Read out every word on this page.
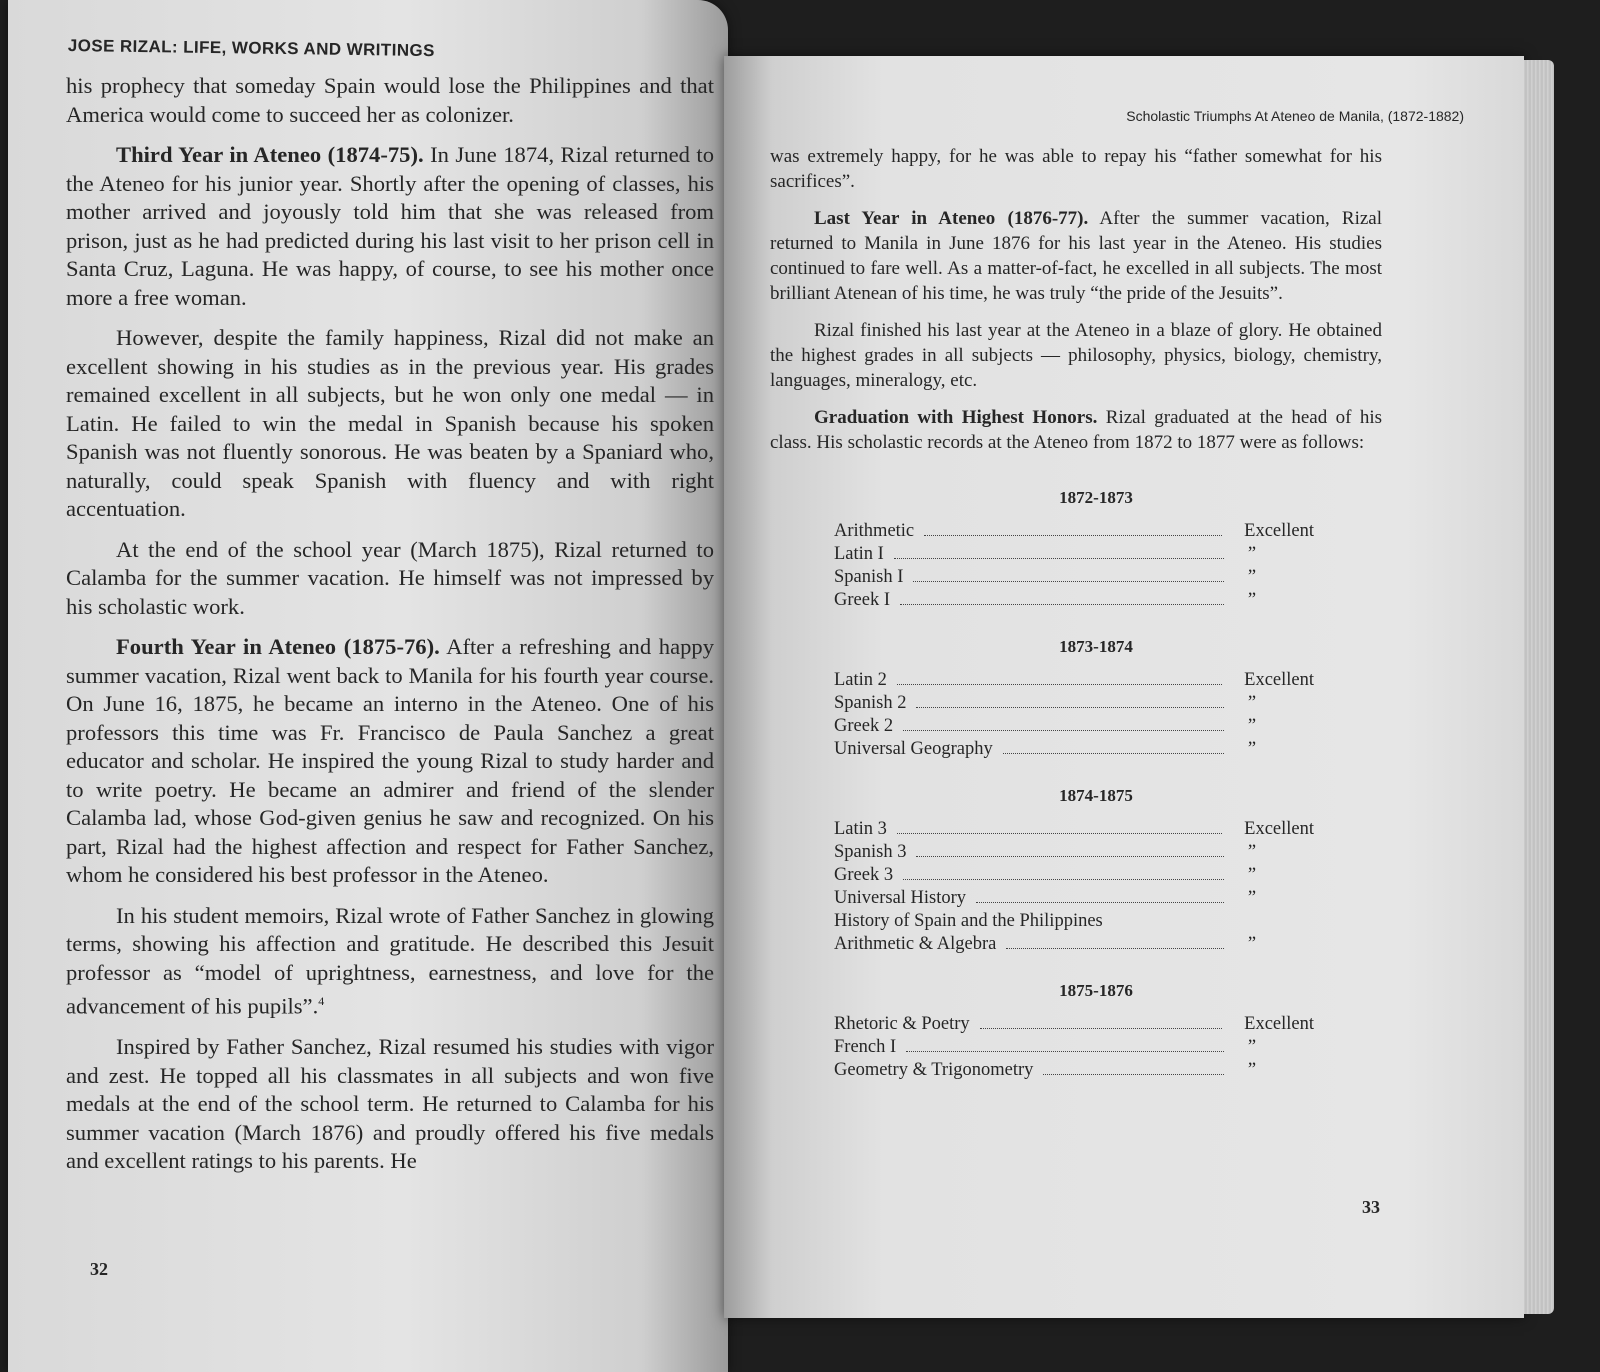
JOSE RIZAL: LIFE, WORKS AND WRITINGS

his prophecy that someday Spain would lose the Philippines and that America would come to succeed her as colonizer.

Third Year in Ateneo (1874-75). In June 1874, Rizal returned to the Ateneo for his junior year. Shortly after the opening of classes, his mother arrived and joyously told him that she was released from prison, just as he had predicted during his last visit to her prison cell in Santa Cruz, Laguna. He was happy, of course, to see his mother once more a free woman.

However, despite the family happiness, Rizal did not make an excellent showing in his studies as in the previous year. His grades remained excellent in all subjects, but he won only one medal — in Latin. He failed to win the medal in Spanish because his spoken Spanish was not fluently sonorous. He was beaten by a Spaniard who, naturally, could speak Spanish with fluency and with right accentuation.

At the end of the school year (March 1875), Rizal returned to Calamba for the summer vacation. He himself was not impressed by his scholastic work.

Fourth Year in Ateneo (1875-76). After a refreshing and happy summer vacation, Rizal went back to Manila for his fourth year course. On June 16, 1875, he became an interno in the Ateneo. One of his professors this time was Fr. Francisco de Paula Sanchez a great educator and scholar. He inspired the young Rizal to study harder and to write poetry. He became an admirer and friend of the slender Calamba lad, whose God-given genius he saw and recognized. On his part, Rizal had the highest affection and respect for Father Sanchez, whom he considered his best professor in the Ateneo.

In his student memoirs, Rizal wrote of Father Sanchez in glowing terms, showing his affection and gratitude. He described this Jesuit professor as “model of uprightness, earnestness, and love for the advancement of his pupils”.$^4$

Inspired by Father Sanchez, Rizal resumed his studies with vigor and zest. He topped all his classmates in all subjects and won five medals at the end of the school term. He returned to Calamba for his summer vacation (March 1876) and proudly offered his five medals and excellent ratings to his parents. He

32
Scholastic Triumphs At Ateneo de Manila, (1872-1882)

was extremely happy, for he was able to repay his “father somewhat for his sacrifices”.

Last Year in Ateneo (1876-77). After the summer vacation, Rizal returned to Manila in June 1876 for his last year in the Ateneo. His studies continued to fare well. As a matter-of-fact, he excelled in all subjects. The most brilliant Atenean of his time, he was truly “the pride of the Jesuits”.

Rizal finished his last year at the Ateneo in a blaze of glory. He obtained the highest grades in all subjects — philosophy, physics, biology, chemistry, languages, mineralogy, etc.

Graduation with Highest Honors. Rizal graduated at the head of his class. His scholastic records at the Ateneo from 1872 to 1877 were as follows:

1872-1873
Arithmetic	Excellent
Latin I	”
Spanish I	”
Greek I	”
1873-1874
Latin 2	Excellent
Spanish 2	”
Greek 2	”
Universal Geography	”
1874-1875
Latin 3	Excellent
Spanish 3	”
Greek 3	”
Universal History	”
History of Spain and the Philippines
Arithmetic & Algebra	”
1875-1876
Rhetoric & Poetry	Excellent
French I	”
Geometry & Trigonometry	”
33
